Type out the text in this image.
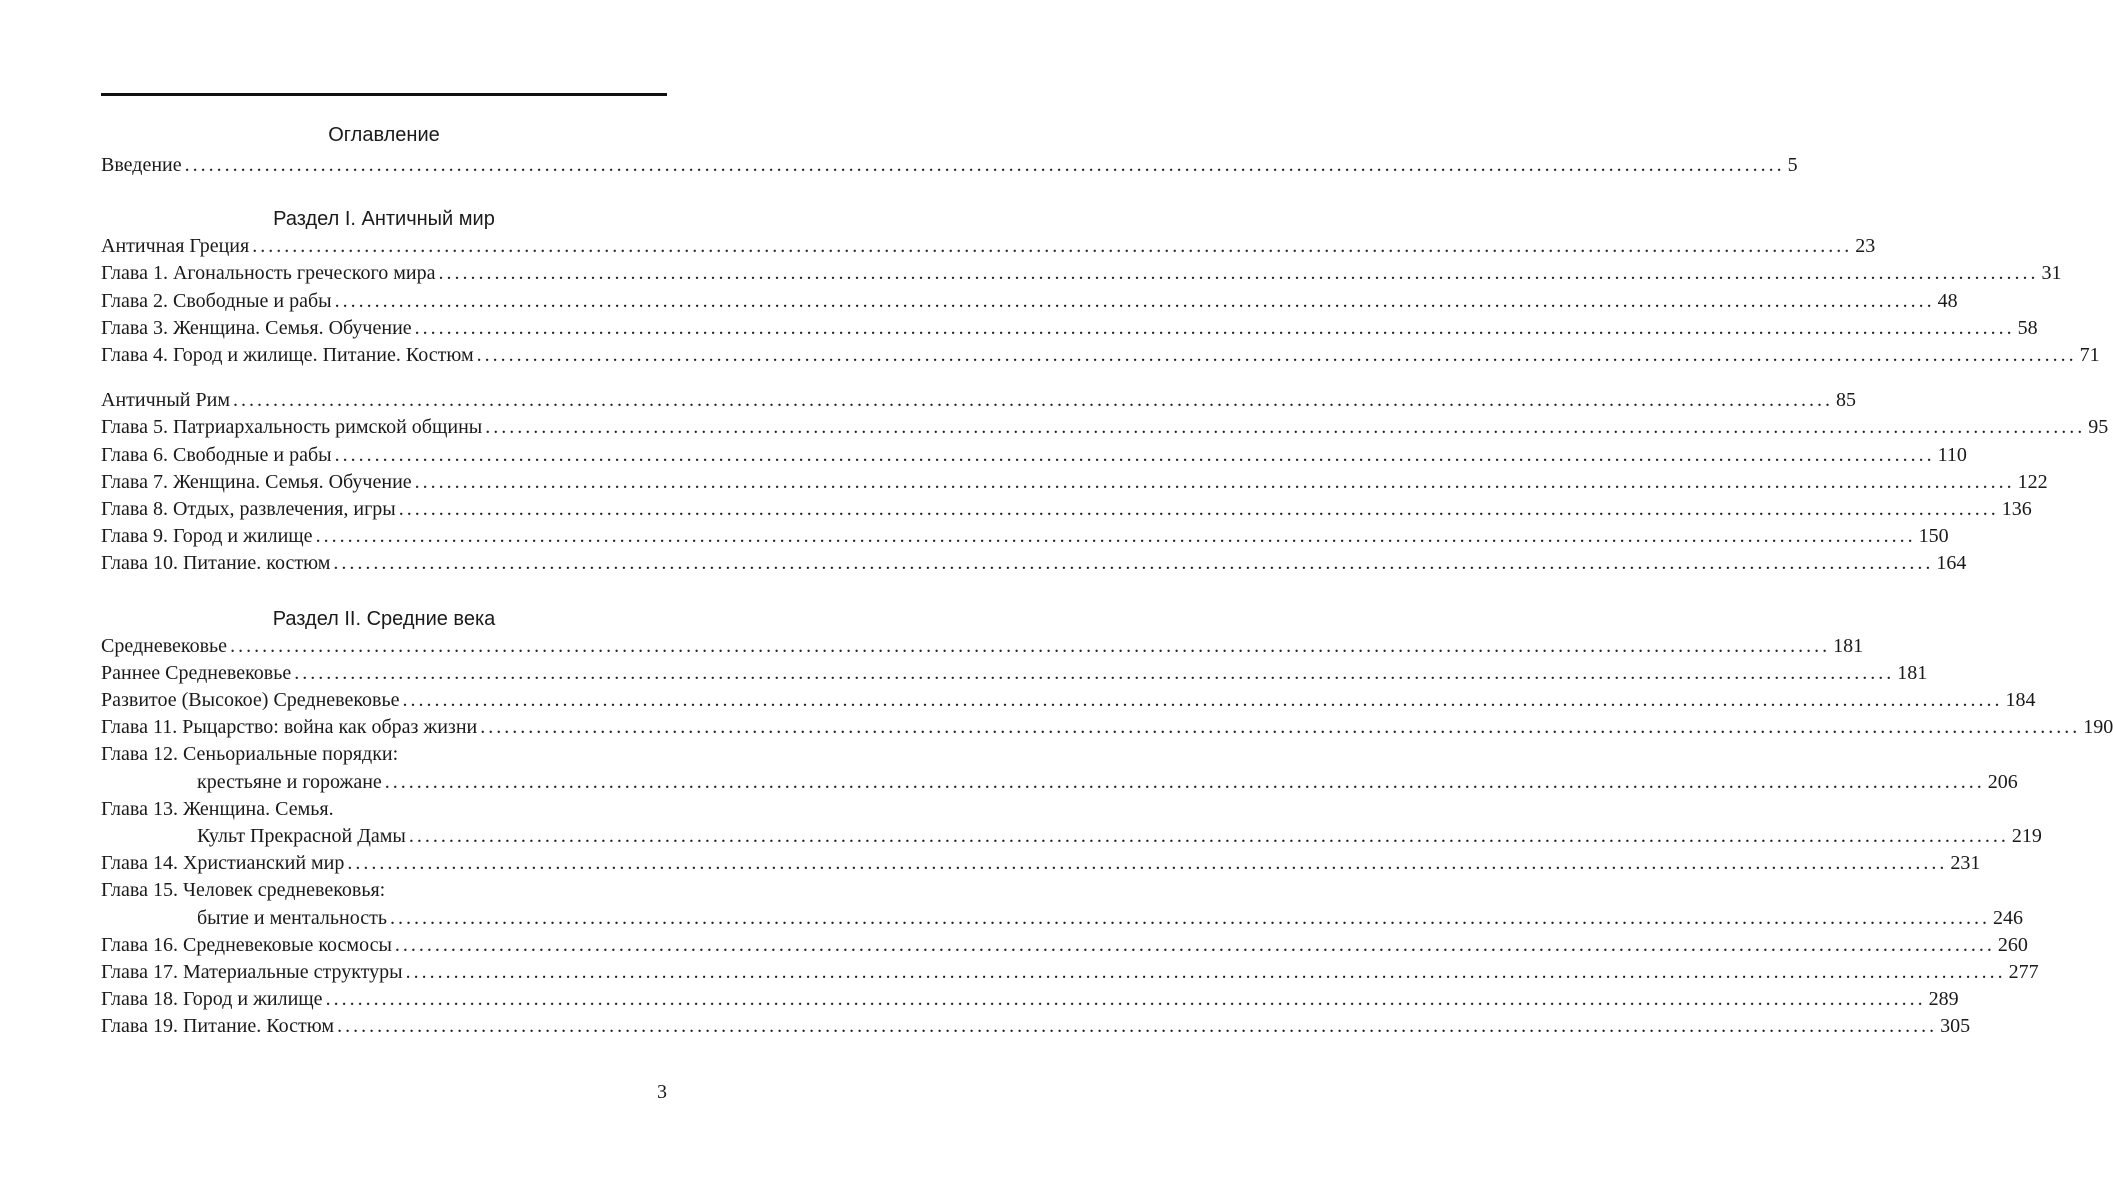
Оглавление
Введение ........................................................................................................................................................................................................ 5
Раздел I. Античный мир
Античная Греция ........................................................................................................................................................................................................ 23
Глава 1. Агональность греческого мира ........................................................................................................................................................................................................ 31
Глава 2. Свободные и рабы ........................................................................................................................................................................................................ 48
Глава 3. Женщина. Семья. Обучение ........................................................................................................................................................................................................ 58
Глава 4. Город и жилище. Питание. Костюм ........................................................................................................................................................................................................ 71
Античный Рим ........................................................................................................................................................................................................ 85
Глава 5. Патриархальность римской общины ........................................................................................................................................................................................................ 95
Глава 6. Свободные и рабы ........................................................................................................................................................................................................ 110
Глава 7. Женщина. Семья. Обучение ........................................................................................................................................................................................................ 122
Глава 8. Отдых, развлечения, игры ........................................................................................................................................................................................................ 136
Глава 9. Город и жилище ........................................................................................................................................................................................................ 150
Глава 10. Питание. костюм ........................................................................................................................................................................................................ 164
Раздел II. Средние века
Средневековье ........................................................................................................................................................................................................ 181
Раннее Средневековье ........................................................................................................................................................................................................ 181
Развитое (Высокое) Средневековье ........................................................................................................................................................................................................ 184
Глава 11. Рыцарство: война как образ жизни ........................................................................................................................................................................................................ 190
Глава 12. Сеньориальные порядки:
крестьяне и горожане ........................................................................................................................................................................................................ 206
Глава 13. Женщина. Семья.
Культ Прекрасной Дамы ........................................................................................................................................................................................................ 219
Глава 14. Христианский мир ........................................................................................................................................................................................................ 231
Глава 15. Человек средневековья:
бытие и ментальность ........................................................................................................................................................................................................ 246
Глава 16. Средневековые космосы ........................................................................................................................................................................................................ 260
Глава 17. Материальные структуры ........................................................................................................................................................................................................ 277
Глава 18. Город и жилище ........................................................................................................................................................................................................ 289
Глава 19. Питание. Костюм ........................................................................................................................................................................................................ 305
3
